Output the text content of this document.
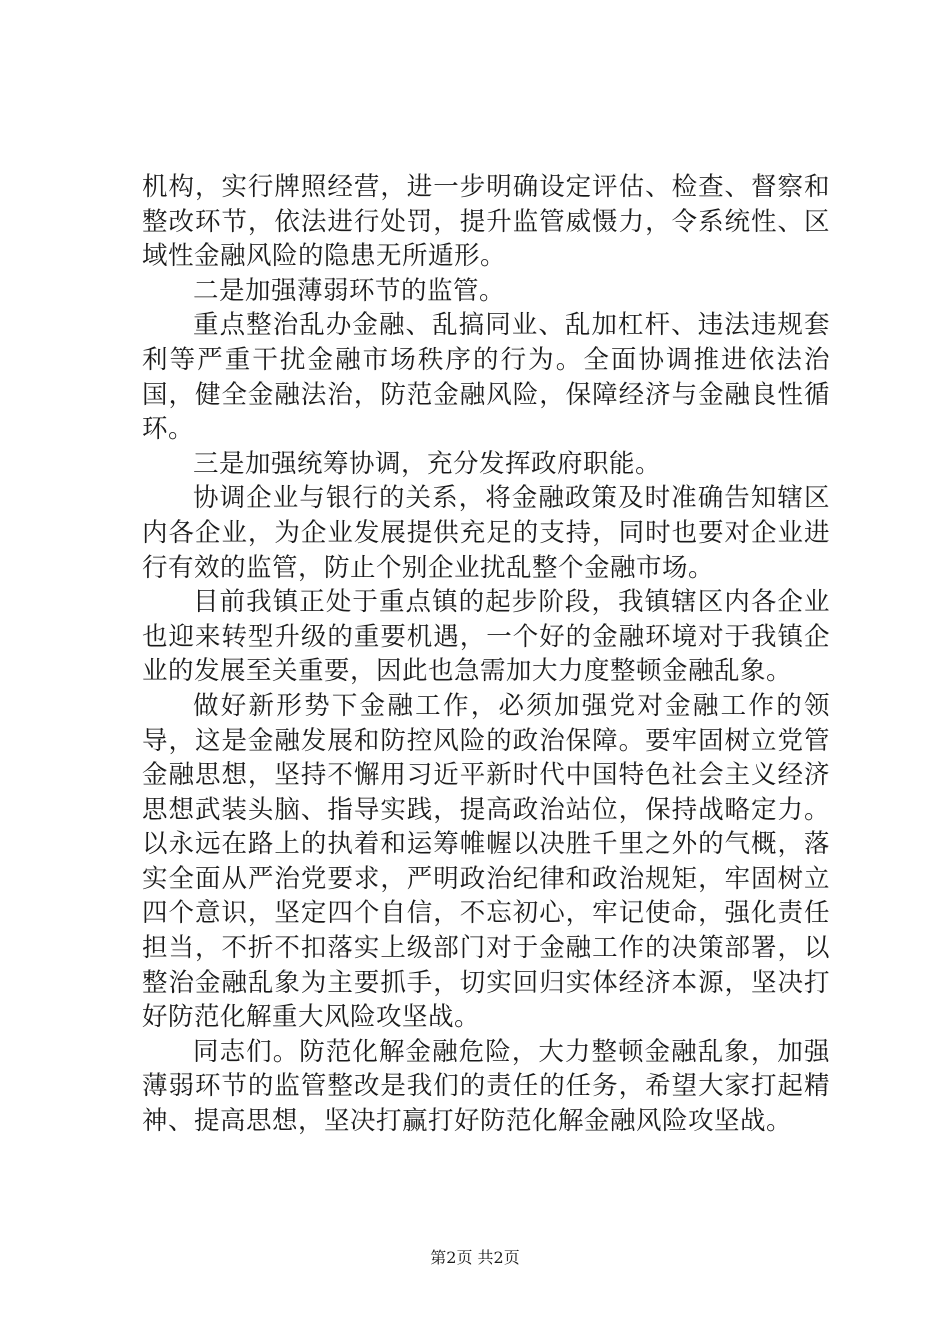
机构，实行牌照经营，进一步明确设定评估、检查、督察和整改环节，依法进行处罚，提升监管威慑力，令系统性、区域性金融风险的隐患无所遁形。

二是加强薄弱环节的监管。

重点整治乱办金融、乱搞同业、乱加杠杆、违法违规套利等严重干扰金融市场秩序的行为。全面协调推进依法治国，健全金融法治，防范金融风险，保障经济与金融良性循环。

三是加强统筹协调，充分发挥政府职能。

协调企业与银行的关系，将金融政策及时准确告知辖区内各企业，为企业发展提供充足的支持，同时也要对企业进行有效的监管，防止个别企业扰乱整个金融市场。

目前我镇正处于重点镇的起步阶段，我镇辖区内各企业也迎来转型升级的重要机遇，一个好的金融环境对于我镇企业的发展至关重要，因此也急需加大力度整顿金融乱象。

做好新形势下金融工作，必须加强党对金融工作的领导，这是金融发展和防控风险的政治保障。要牢固树立党管金融思想，坚持不懈用习近平新时代中国特色社会主义经济思想武装头脑、指导实践，提高政治站位，保持战略定力。以永远在路上的执着和运筹帷幄以决胜千里之外的气概，落实全面从严治党要求，严明政治纪律和政治规矩，牢固树立四个意识，坚定四个自信，不忘初心，牢记使命，强化责任担当，不折不扣落实上级部门对于金融工作的决策部署，以整治金融乱象为主要抓手，切实回归实体经济本源，坚决打好防范化解重大风险攻坚战。

同志们。防范化解金融危险，大力整顿金融乱象，加强薄弱环节的监管整改是我们的责任的任务，希望大家打起精神、提高思想，坚决打赢打好防范化解金融风险攻坚战。

第2页 共2页
